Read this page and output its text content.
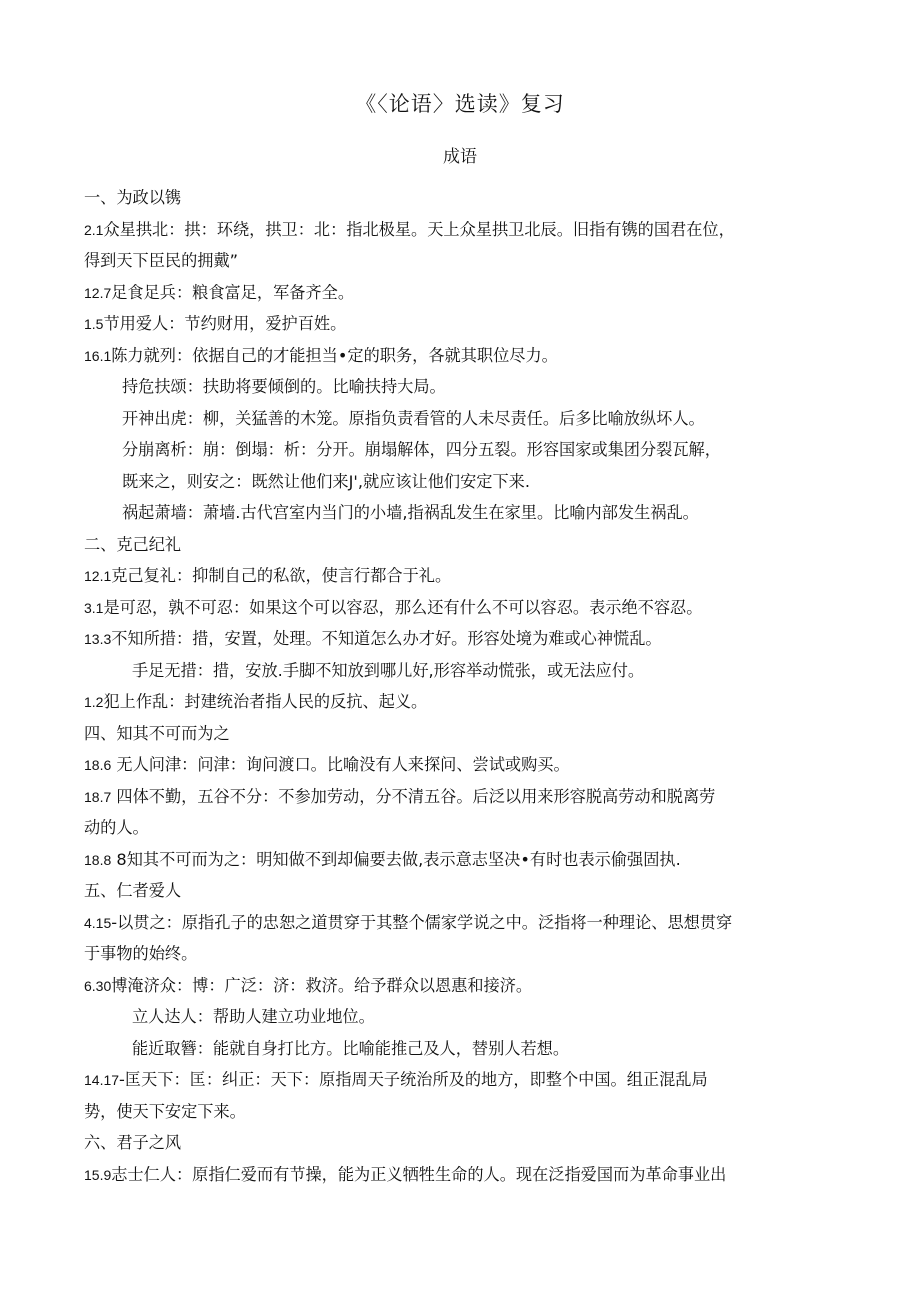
《〈论语〉选读》复习
成语
一、为政以镌
2.1众星拱北：拱：环绕，拱卫：北：指北极星。天上众星拱卫北辰。旧指有镌的国君在位，
得到天下臣民的拥戴”
12.7足食足兵：粮食富足，军备齐全。
1.5节用爱人：节约财用，爱护百姓。
16.1陈力就列：依据自己的才能担当•定的职务，各就其职位尽力。
持危扶颂：扶助将要倾倒的。比喻扶持大局。
开神出虎：柳，关猛善的木笼。原指负责看管的人未尽责任。后多比喻放纵坏人。
分崩离析：崩：倒塌：析：分开。崩塌解体，四分五裂。形容国家或集团分裂瓦解，
既来之，则安之：既然让他们来J',就应该让他们安定下来.
祸起萧墙：萧墙.古代宫室内当门的小墙,指祸乱发生在家里。比喻内部发生祸乱。
二、克己纪礼
12.1克己复礼：抑制自己的私欲，使言行都合于礼。
3.1是可忍，孰不可忍：如果这个可以容忍，那么还有什么不可以容忍。表示绝不容忍。
13.3不知所措：措，安置，处理。不知道怎么办才好。形容处境为难或心神慌乱。
手足无措：措，安放.手脚不知放到哪儿好,形容举动慌张，或无法应付。
1.2犯上作乱：封建统治者指人民的反抗、起义。
四、知其不可而为之
18.6 无人问津：问津：询问渡口。比喻没有人来探问、尝试或购买。
18.7 四体不勤，五谷不分：不参加劳动，分不清五谷。后泛以用来形容脱高劳动和脱离劳
动的人。
18.8 8知其不可而为之：明知做不到却偏要去做,表示意志坚决•有时也表示偷强固执.
五、仁者爱人
4.15-以贯之：原指孔子的忠恕之道贯穿于其整个儒家学说之中。泛指将一种理论、思想贯穿
于事物的始终。
6.30博淹济众：博：广泛：济：救济。给予群众以恩惠和接济。
立人达人：帮助人建立功业地位。
能近取簪：能就自身打比方。比喻能推己及人，替别人若想。
14.17-匡天下：匡：纠正：天下：原指周天子统治所及的地方，即整个中国。组正混乱局
势，使天下安定下来。
六、君子之风
15.9志士仁人：原指仁爱而有节操，能为正义牺牲生命的人。现在泛指爱国而为革命事业出
